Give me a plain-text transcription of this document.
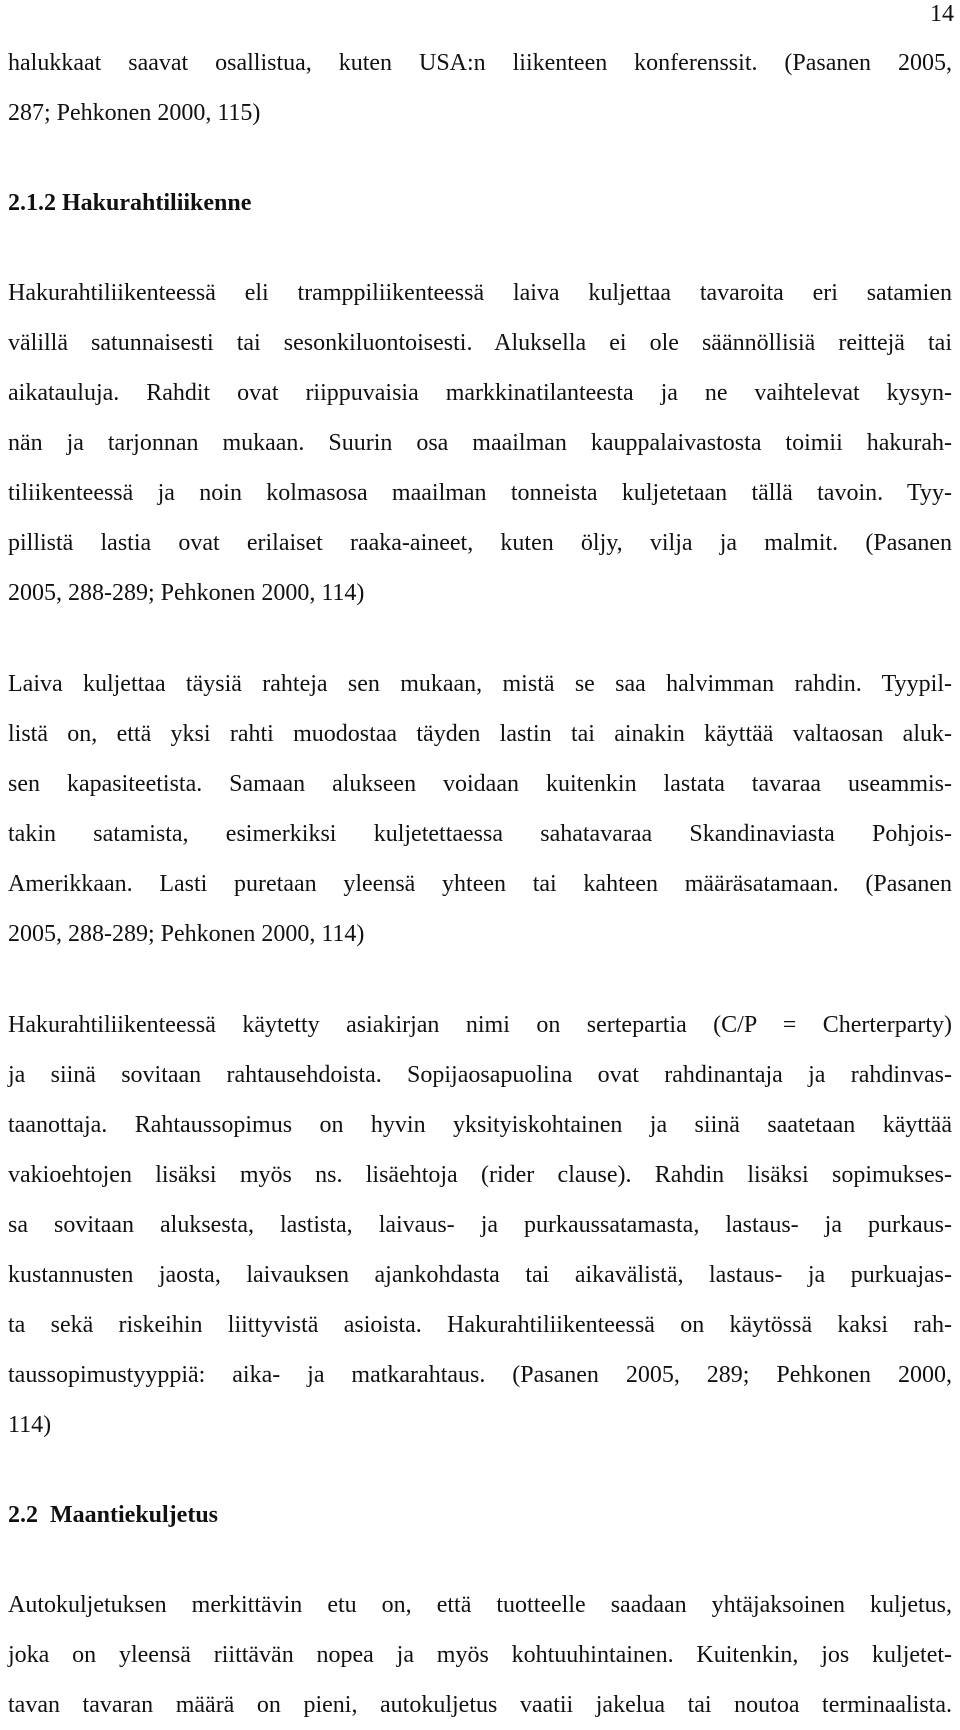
14
halukkaat saavat osallistua, kuten USA:n liikenteen konferenssit. (Pasanen 2005,
287; Pehkonen 2000, 115)
2.1.2 Hakurahtiliikenne
Hakurahtiliikenteessä eli tramppiliikenteessä laiva kuljettaa tavaroita eri satamien
välillä satunnaisesti tai sesonkiluontoisesti. Aluksella ei ole säännöllisiä reittejä tai
aikatauluja. Rahdit ovat riippuvaisia markkinatilanteesta ja ne vaihtelevat kysyn-
nän ja tarjonnan mukaan. Suurin osa maailman kauppalaivastosta toimii hakurah-
tiliikenteessä ja noin kolmasosa maailman tonneista kuljetetaan tällä tavoin. Tyy-
pillistä lastia ovat erilaiset raaka-aineet, kuten öljy, vilja ja malmit. (Pasanen
2005, 288-289; Pehkonen 2000, 114)
Laiva kuljettaa täysiä rahteja sen mukaan, mistä se saa halvimman rahdin. Tyypil-
listä on, että yksi rahti muodostaa täyden lastin tai ainakin käyttää valtaosan aluk-
sen kapasiteetista. Samaan alukseen voidaan kuitenkin lastata tavaraa useammis-
takin satamista, esimerkiksi kuljetettaessa sahatavaraa Skandinaviasta Pohjois-
Amerikkaan. Lasti puretaan yleensä yhteen tai kahteen määräsatamaan. (Pasanen
2005, 288-289; Pehkonen 2000, 114)
Hakurahtiliikenteessä käytetty asiakirjan nimi on sertepartia (C/P = Cherterparty)
ja siinä sovitaan rahtausehdoista. Sopijaosapuolina ovat rahdinantaja ja rahdinvas-
taanottaja. Rahtaussopimus on hyvin yksityiskohtainen ja siinä saatetaan käyttää
vakioehtojen lisäksi myös ns. lisäehtoja (rider clause). Rahdin lisäksi sopimukses-
sa sovitaan aluksesta, lastista, laivaus- ja purkaussatamasta, lastaus- ja purkaus-
kustannusten jaosta, laivauksen ajankohdasta tai aikavälistä, lastaus- ja purkuajas-
ta sekä riskeihin liittyvistä asioista. Hakurahtiliikenteessä on käytössä kaksi rah-
taussopimustyyppiä: aika- ja matkarahtaus. (Pasanen 2005, 289; Pehkonen 2000,
114)
2.2  Maantiekuljetus
Autokuljetuksen merkittävin etu on, että tuotteelle saadaan yhtäjaksoinen kuljetus,
joka on yleensä riittävän nopea ja myös kohtuuhintainen. Kuitenkin, jos kuljetet-
tavan tavaran määrä on pieni, autokuljetus vaatii jakelua tai noutoa terminaalista.
